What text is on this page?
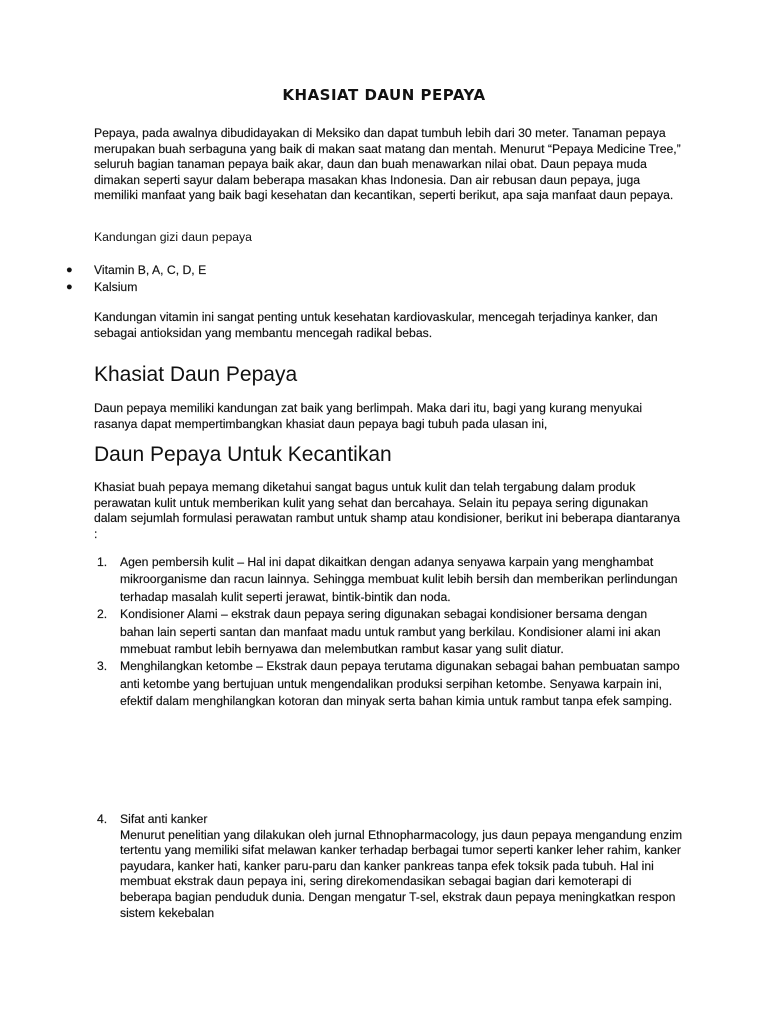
KHASIAT DAUN PEPAYA

Pepaya, pada awalnya dibudidayakan di Meksiko dan dapat tumbuh lebih dari 30 meter. Tanaman pepaya merupakan buah serbaguna yang baik di makan saat matang dan mentah. Menurut “Pepaya Medicine Tree,” seluruh bagian tanaman pepaya baik akar, daun dan buah menawarkan nilai obat. Daun pepaya muda dimakan seperti sayur dalam beberapa masakan khas Indonesia. Dan air rebusan daun pepaya, juga memiliki manfaat yang baik bagi kesehatan dan kecantikan, seperti berikut, apa saja manfaat daun pepaya.

Kandungan gizi daun pepaya

● Vitamin B, A, C, D, E
● Kalsium

Kandungan vitamin ini sangat penting untuk kesehatan kardiovaskular, mencegah terjadinya kanker, dan sebagai antioksidan yang membantu mencegah radikal bebas.

Khasiat Daun Pepaya

Daun pepaya memiliki kandungan zat baik yang berlimpah. Maka dari itu, bagi yang kurang menyukai rasanya dapat mempertimbangkan khasiat daun pepaya bagi tubuh pada ulasan ini,

Daun Pepaya Untuk Kecantikan

Khasiat buah pepaya memang diketahui sangat bagus untuk kulit dan telah tergabung dalam produk perawatan kulit untuk memberikan kulit yang sehat dan bercahaya. Selain itu pepaya sering digunakan dalam sejumlah formulasi perawatan rambut untuk shamp atau kondisioner, berikut ini beberapa diantaranya :

1. Agen pembersih kulit – Hal ini dapat dikaitkan dengan adanya senyawa karpain yang menghambat mikroorganisme dan racun lainnya. Sehingga membuat kulit lebih bersih dan memberikan perlindungan terhadap masalah kulit seperti jerawat, bintik-bintik dan noda.
2. Kondisioner Alami – ekstrak daun pepaya sering digunakan sebagai kondisioner bersama dengan bahan lain seperti santan dan manfaat madu untuk rambut yang berkilau. Kondisioner alami ini akan mmebuat rambut lebih bernyawa dan melembutkan rambut kasar yang sulit diatur.
3. Menghilangkan ketombe – Ekstrak daun pepaya terutama digunakan sebagai bahan pembuatan sampo anti ketombe yang bertujuan untuk mengendalikan produksi serpihan ketombe. Senyawa karpain ini, efektif dalam menghilangkan kotoran dan minyak serta bahan kimia untuk rambut tanpa efek samping.
4. Sifat anti kanker
Menurut penelitian yang dilakukan oleh jurnal Ethnopharmacology, jus daun pepaya mengandung enzim tertentu yang memiliki sifat melawan kanker terhadap berbagai tumor seperti kanker leher rahim, kanker payudara, kanker hati, kanker paru-paru dan kanker pankreas tanpa efek toksik pada tubuh. Hal ini membuat ekstrak daun pepaya ini, sering direkomendasikan sebagai bagian dari kemoterapi di beberapa bagian penduduk dunia. Dengan mengatur T-sel, ekstrak daun pepaya meningkatkan respon sistem kekebalan
